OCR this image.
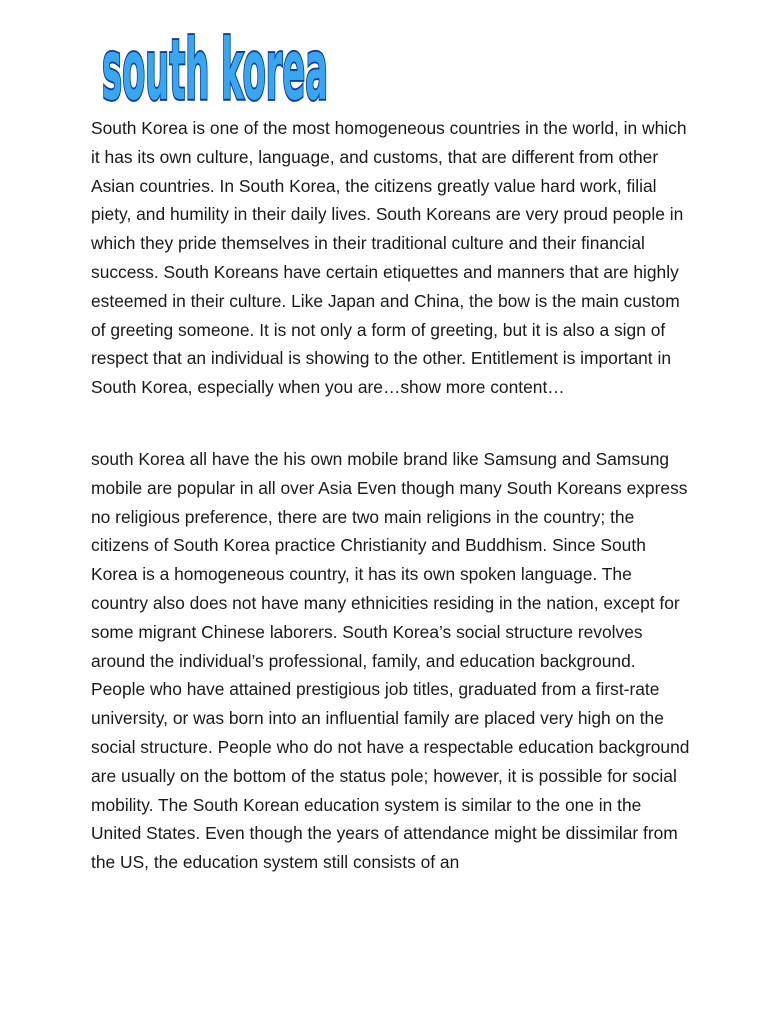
south korea

South Korea is one of the most homogeneous countries in the world, in which it has its own culture, language, and customs, that are different from other Asian countries. In South Korea, the citizens greatly value hard work, filial piety, and humility in their daily lives. South Koreans are very proud people in which they pride themselves in their traditional culture and their financial success. South Koreans have certain etiquettes and manners that are highly esteemed in their culture. Like Japan and China, the bow is the main custom of greeting someone. It is not only a form of greeting, but it is also a sign of respect that an individual is showing to the other. Entitlement is important in South Korea, especially when you are…show more content…

south Korea all have the his own mobile brand like Samsung and Samsung mobile are popular in all over Asia Even though many South Koreans express no religious preference, there are two main religions in the country; the citizens of South Korea practice Christianity and Buddhism. Since South Korea is a homogeneous country, it has its own spoken language. The country also does not have many ethnicities residing in the nation, except for some migrant Chinese laborers. South Korea’s social structure revolves around the individual’s professional, family, and education background. People who have attained prestigious job titles, graduated from a first-rate university, or was born into an influential family are placed very high on the social structure. People who do not have a respectable education background are usually on the bottom of the status pole; however, it is possible for social mobility. The South Korean education system is similar to the one in the United States. Even though the years of attendance might be dissimilar from the US, the education system still consists of an
